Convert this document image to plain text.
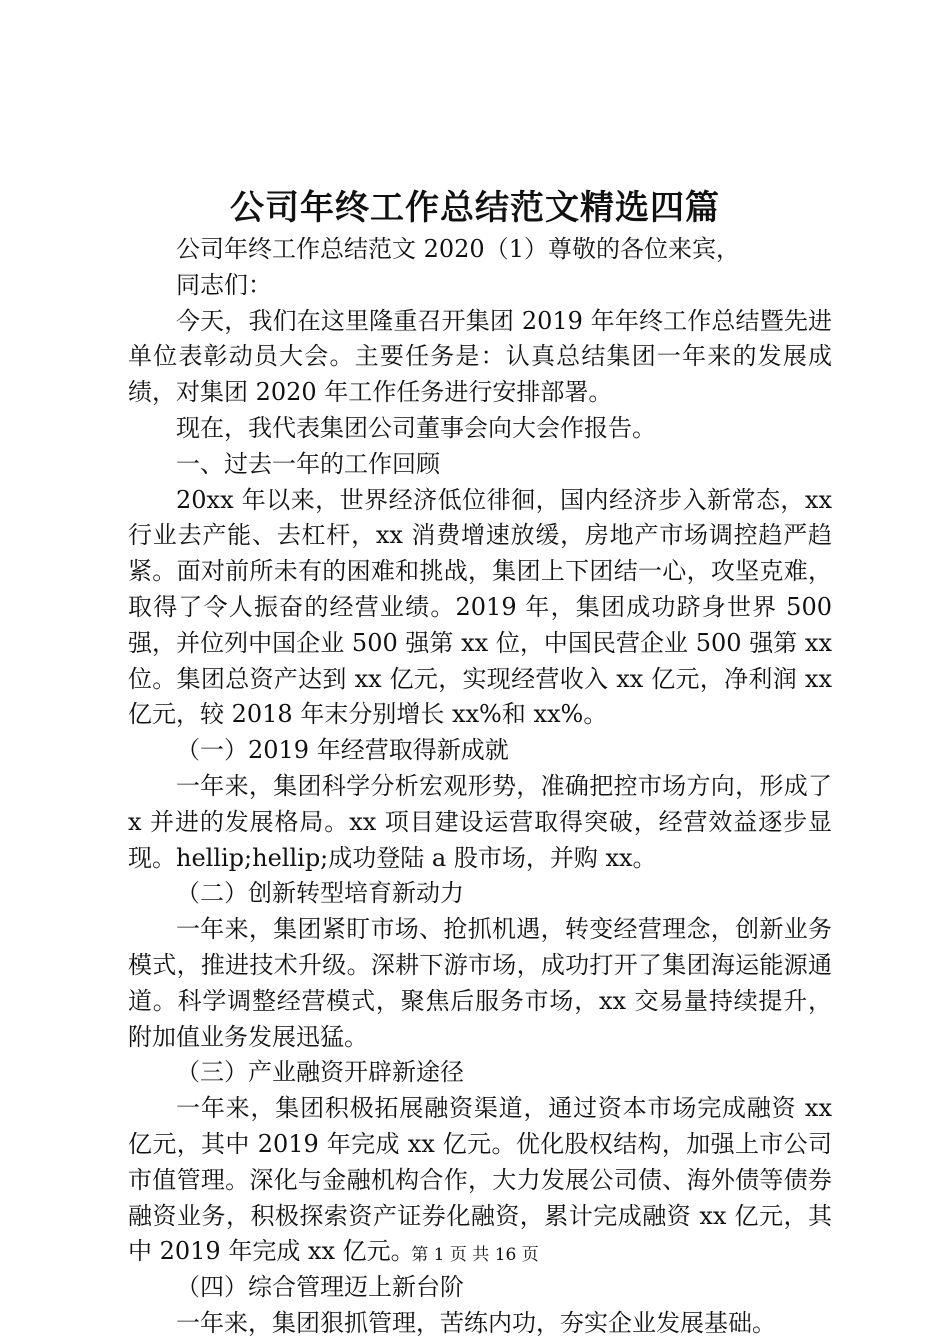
公司年终工作总结范文精选四篇

公司年终工作总结范文 2020（1）尊敬的各位来宾，

同志们：

今天，我们在这里隆重召开集团 2019 年年终工作总结暨先进单位表彰动员大会。主要任务是：认真总结集团一年来的发展成绩，对集团 2020 年工作任务进行安排部署。

现在，我代表集团公司董事会向大会作报告。

一、过去一年的工作回顾

20xx 年以来，世界经济低位徘徊，国内经济步入新常态，xx 行业去产能、去杠杆，xx 消费增速放缓，房地产市场调控趋严趋紧。面对前所未有的困难和挑战，集团上下团结一心，攻坚克难，取得了令人振奋的经营业绩。2019 年，集团成功跻身世界 500 强，并位列中国企业 500 强第 xx 位，中国民营企业 500 强第 xx 位。集团总资产达到 xx 亿元，实现经营收入 xx 亿元，净利润 xx 亿元，较 2018 年末分别增长 xx%和 xx%。

（一）2019 年经营取得新成就

一年来，集团科学分析宏观形势，准确把控市场方向，形成了 x 并进的发展格局。xx 项目建设运营取得突破，经营效益逐步显现。hellip;hellip;成功登陆 a 股市场，并购 xx。

（二）创新转型培育新动力

一年来，集团紧盯市场、抢抓机遇，转变经营理念，创新业务模式，推进技术升级。深耕下游市场，成功打开了集团海运能源通道。科学调整经营模式，聚焦后服务市场，xx 交易量持续提升，附加值业务发展迅猛。

（三）产业融资开辟新途径

一年来，集团积极拓展融资渠道，通过资本市场完成融资 xx 亿元，其中 2019 年完成 xx 亿元。优化股权结构，加强上市公司市值管理。深化与金融机构合作，大力发展公司债、海外债等债券融资业务，积极探索资产证券化融资，累计完成融资 xx 亿元，其中 2019 年完成 xx 亿元。

（四）综合管理迈上新台阶

一年来，集团狠抓管理，苦练内功，夯实企业发展基础。

第 1 页 共 16 页
